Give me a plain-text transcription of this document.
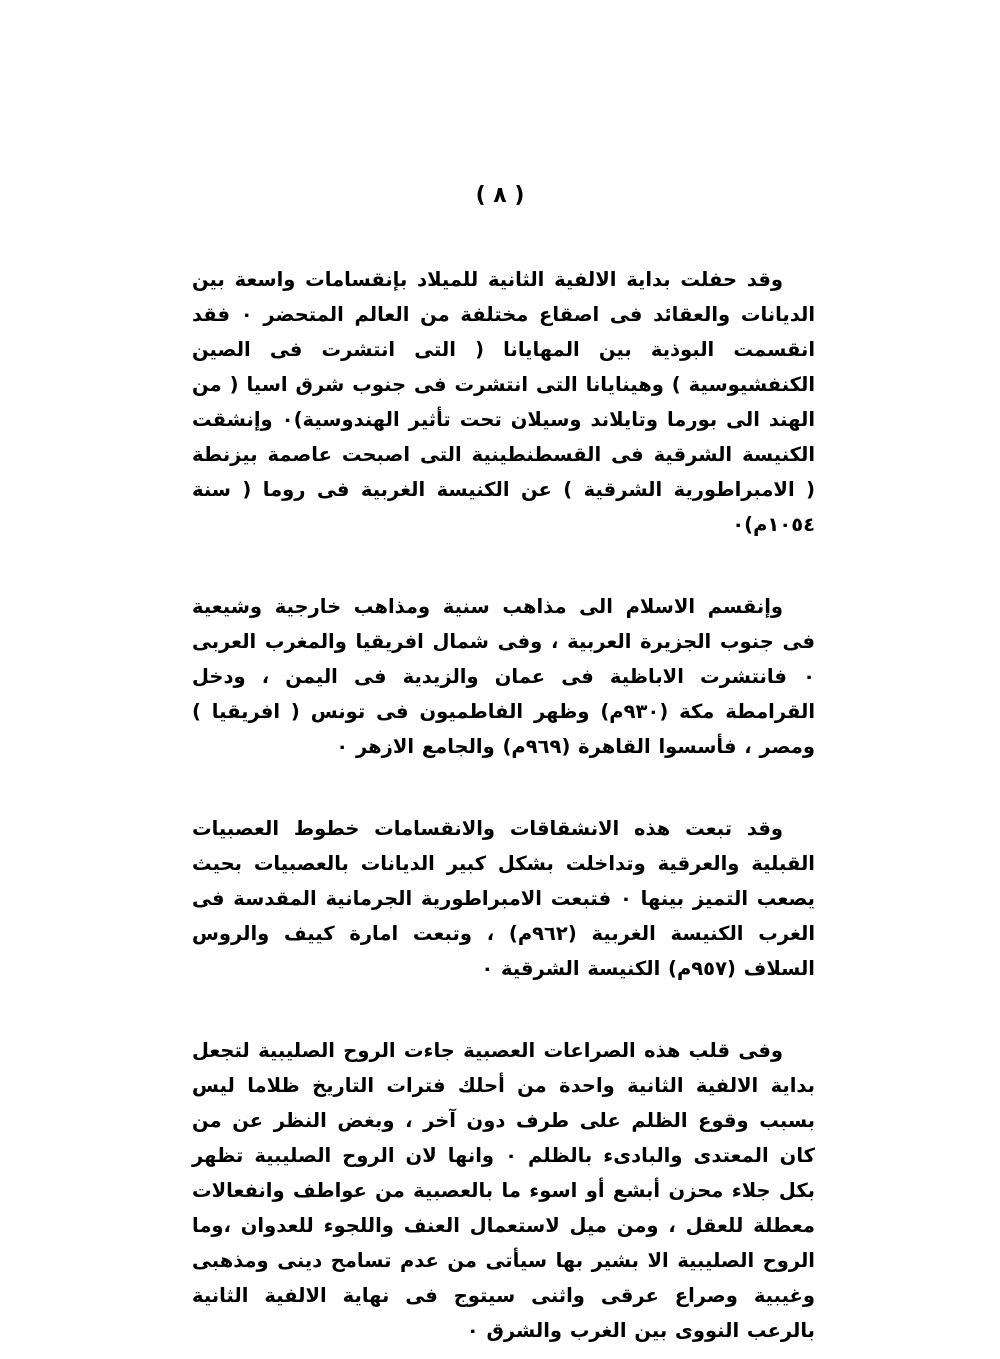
( ٨ )

وقد حفلت بداية الالفية الثانية للميلاد بإنقسامات واسعة بين الديانات والعقائد فى اصقاع مختلفة من العالم المتحضر ٠ فقد انقسمت البوذية بين المهايانا ( التى انتشرت فى الصين الكنفشيوسية ) وهينايانا التى انتشرت فى جنوب شرق اسيا ( من الهند الى بورما وتايلاند وسيلان تحت تأثير الهندوسية)٠ وإنشقت الكنيسة الشرقية فى القسطنطينية التى اصبحت عاصمة بيزنطة ( الامبراطورية الشرقية ) عن الكنيسة الغربية فى روما ( سنة ١٠٥٤م)٠

وإنقسم الاسلام الى مذاهب سنية ومذاهب خارجية وشيعية فى جنوب الجزيرة العربية ، وفى شمال افريقيا والمغرب العربى ٠ فانتشرت الاباظية فى عمان والزيدية فى اليمن ، ودخل القرامطة مكة (٩٣٠م) وظهر الفاطميون فى تونس ( افريقيا ) ومصر ، فأسسوا القاهرة (٩٦٩م) والجامع الازهر ٠

وقد تبعت هذه الانشقاقات والانقسامات خطوط العصبيات القبلية والعرقية وتداخلت بشكل كبير الديانات بالعصبيات بحيث يصعب التميز بينها ٠ فتبعت الامبراطورية الجرمانية المقدسة فى الغرب الكنيسة الغربية (٩٦٢م) ، وتبعت امارة كييف والروس السلاف (٩٥٧م) الكنيسة الشرقية ٠

وفى قلب هذه الصراعات العصبية جاءت الروح الصليبية لتجعل بداية الالفية الثانية واحدة من أحلك فترات التاريخ ظلاما ليس بسبب وقوع الظلم على طرف دون آخر ، وبغض النظر عن من كان المعتدى والبادىء بالظلم ٠ وانها لان الروح الصليبية تظهر بكل جلاء محزن أبشع أو اسوء ما بالعصبية من عواطف وانفعالات معطلة للعقل ، ومن ميل لاستعمال العنف واللجوء للعدوان ،وما الروح الصليبية الا بشير بها سيأتى من عدم تسامح دينى ومذهبى وغيبية وصراع عرقى واثنى سيتوج فى نهاية الالفية الثانية بالرعب النووى بين الغرب والشرق ٠
